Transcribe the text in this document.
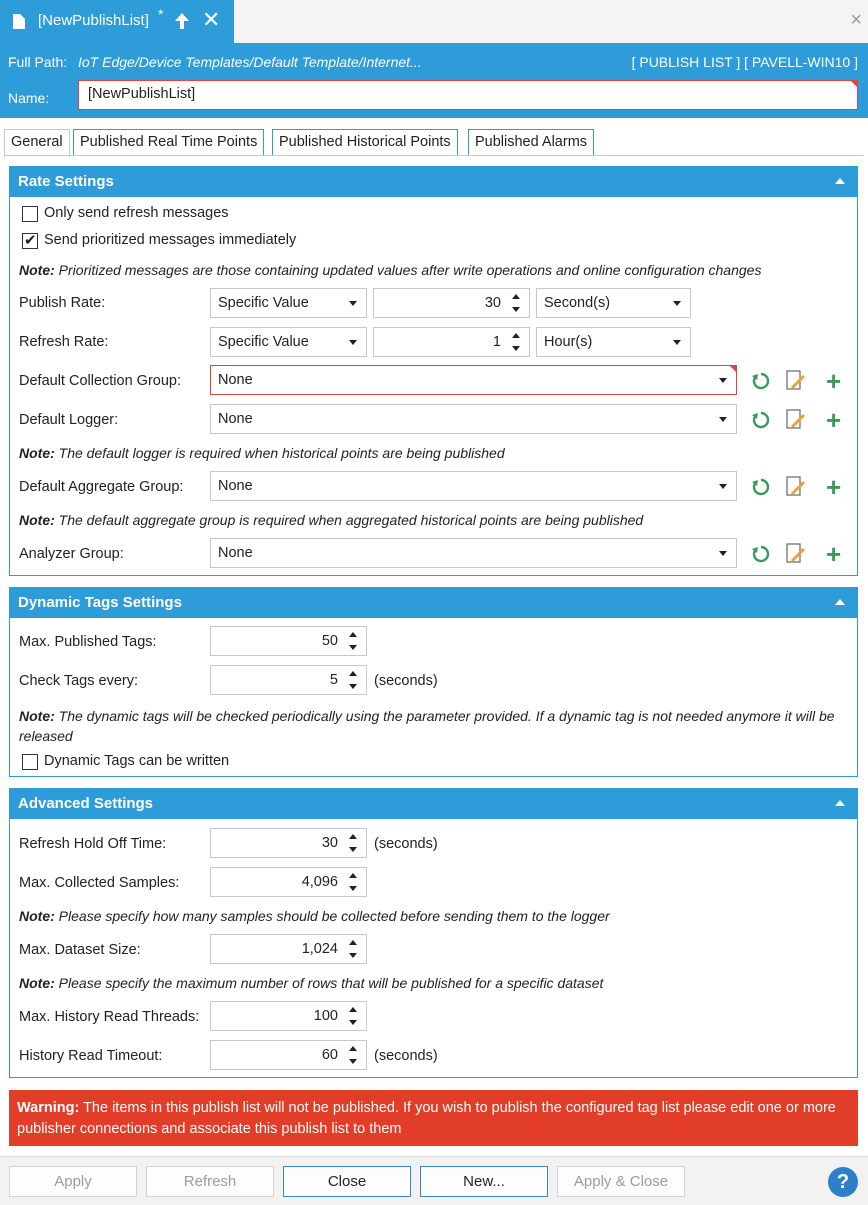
[NewPublishList] * ✕	×
Full Path: IoT Edge/Device Templates/Default Template/Internet...	[ PUBLISH LIST ] [ PAVELL-WIN10 ]
Name:	[NewPublishList]
General	Published Real Time Points	Published Historical Points	Published Alarms
Rate Settings
Only send refresh messages
✔
Send prioritized messages immediately
Note: Prioritized messages are those containing updated values after write operations and online configuration changes
Publish Rate:	Specific Value	30	Second(s)
Refresh Rate:	Specific Value	1	Hour(s)
Default Collection Group:	None	+
Default Logger:	None	+
Note: The default logger is required when historical points are being published
Default Aggregate Group:	None	+
Note: The default aggregate group is required when aggregated historical points are being published
Analyzer Group:	None	+
Dynamic Tags Settings
Max. Published Tags:	50
Check Tags every:	5	(seconds)
Note: The dynamic tags will be checked periodically using the parameter provided. If a dynamic tag is not needed anymore it will be released
Dynamic Tags can be written
Advanced Settings
Refresh Hold Off Time:	30	(seconds)
Max. Collected Samples:	4,096
Note: Please specify how many samples should be collected before sending them to the logger
Max. Dataset Size:	1,024
Note: Please specify the maximum number of rows that will be published for a specific dataset
Max. History Read Threads:	100
History Read Timeout:	60	(seconds)
Warning: The items in this publish list will not be published. If you wish to publish the configured tag list please edit one or more publisher connections and associate this publish list to them
Apply	Refresh	Close	New...	Apply & Close	?
